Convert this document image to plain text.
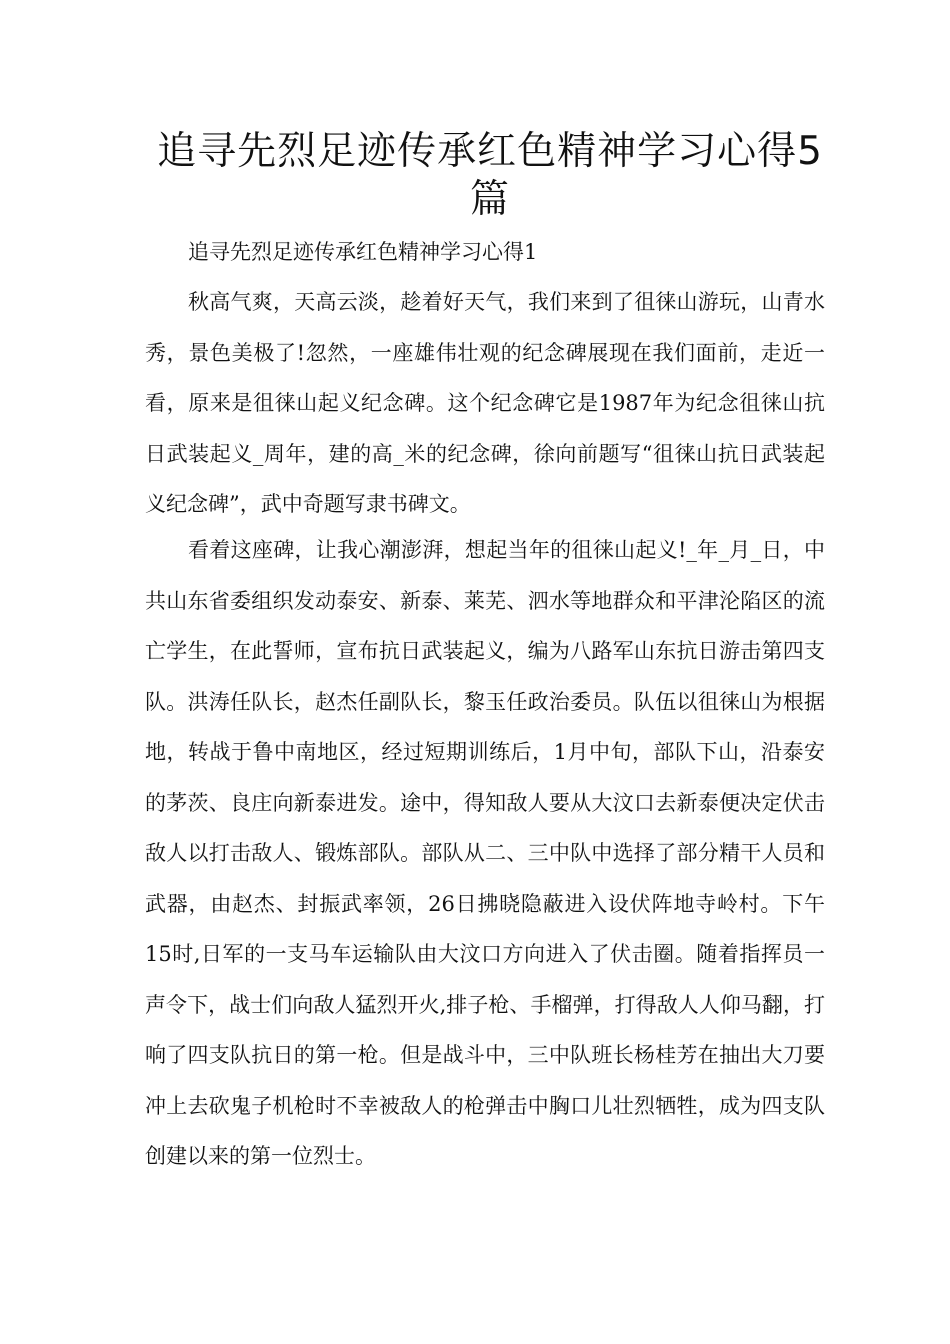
追寻先烈足迹传承红色精神学习心得5篇

追寻先烈足迹传承红色精神学习心得1

秋高气爽，天高云淡，趁着好天气，我们来到了徂徕山游玩，山青水秀，景色美极了!忽然，一座雄伟壮观的纪念碑展现在我们面前，走近一看，原来是徂徕山起义纪念碑。这个纪念碑它是1987年为纪念徂徕山抗日武装起义_周年，建的高_米的纪念碑，徐向前题写“徂徕山抗日武装起义纪念碑”，武中奇题写隶书碑文。

看着这座碑，让我心潮澎湃，想起当年的徂徕山起义!_年_月_日，中共山东省委组织发动泰安、新泰、莱芜、泗水等地群众和平津沦陷区的流亡学生，在此誓师，宣布抗日武装起义，编为八路军山东抗日游击第四支队。洪涛任队长，赵杰任副队长，黎玉任政治委员。队伍以徂徕山为根据地，转战于鲁中南地区，经过短期训练后，1月中旬，部队下山，沿泰安的茅茨、良庄向新泰进发。途中，得知敌人要从大汶口去新泰便决定伏击敌人以打击敌人、锻炼部队。部队从二、三中队中选择了部分精干人员和武器，由赵杰、封振武率领，26日拂晓隐蔽进入设伏阵地寺岭村。下午15时,日军的一支马车运输队由大汶口方向进入了伏击圈。随着指挥员一声令下，战士们向敌人猛烈开火,排子枪、手榴弹，打得敌人人仰马翻，打响了四支队抗日的第一枪。但是战斗中，三中队班长杨桂芳在抽出大刀要冲上去砍鬼子机枪时不幸被敌人的枪弹击中胸口儿壮烈牺牲，成为四支队创建以来的第一位烈士。
